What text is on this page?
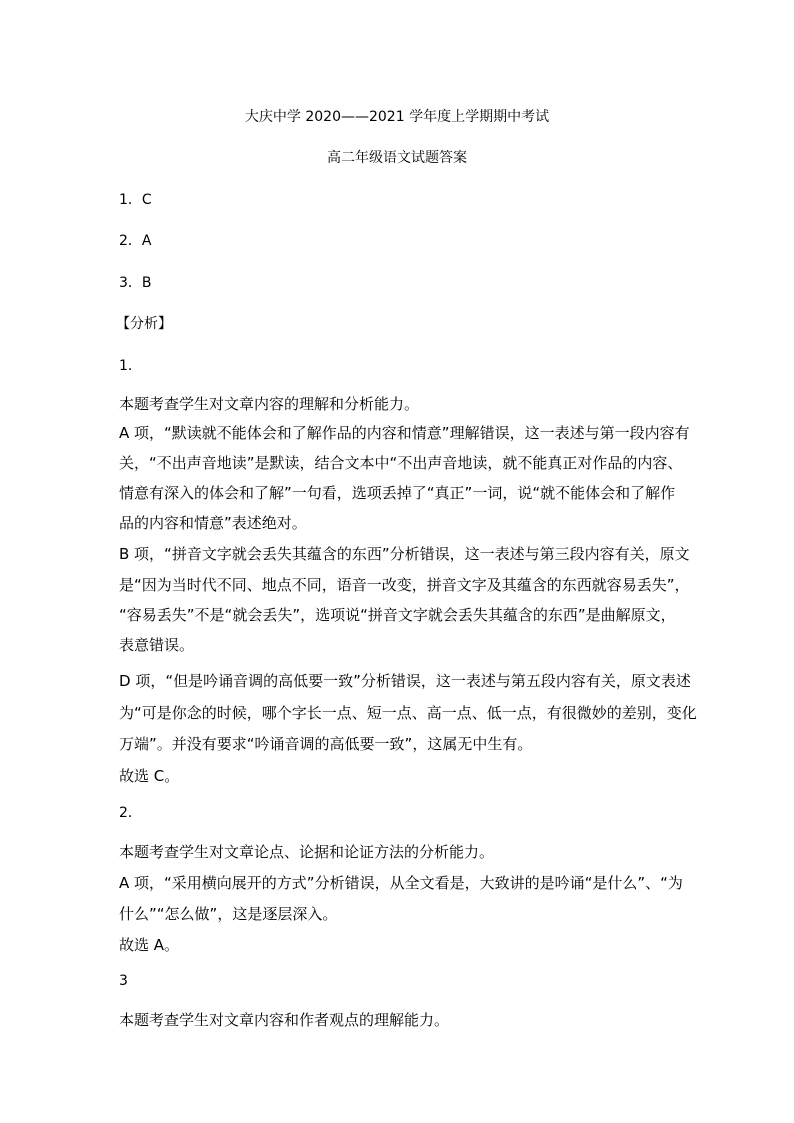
大庆中学 2020——2021 学年度上学期期中考试
高二年级语文试题答案
1．C
2．A
3．B
【分析】
1．
本题考查学生对文章内容的理解和分析能力。
A 项，“默读就不能体会和了解作品的内容和情意”理解错误，这一表述与第一段内容有
关，“不出声音地读”是默读，结合文本中“不出声音地读，就不能真正对作品的内容、
情意有深入的体会和了解”一句看，选项丢掉了“真正”一词，说“就不能体会和了解作
品的内容和情意”表述绝对。
B 项，“拼音文字就会丢失其蕴含的东西”分析错误，这一表述与第三段内容有关，原文
是“因为当时代不同、地点不同，语音一改变，拼音文字及其蕴含的东西就容易丢失”，
“容易丢失”不是“就会丢失”，选项说“拼音文字就会丢失其蕴含的东西”是曲解原文，
表意错误。
D 项，“但是吟诵音调的高低要一致”分析错误，这一表述与第五段内容有关，原文表述
为“可是你念的时候，哪个字长一点、短一点、高一点、低一点，有很微妙的差别，变化
万端”。并没有要求“吟诵音调的高低要一致”，这属无中生有。
故选 C。
2．
本题考查学生对文章论点、论据和论证方法的分析能力。
A 项，“采用横向展开的方式”分析错误，从全文看是，大致讲的是吟诵“是什么”、“为
什么”“怎么做”，这是逐层深入。
故选 A。
3
本题考查学生对文章内容和作者观点的理解能力。
